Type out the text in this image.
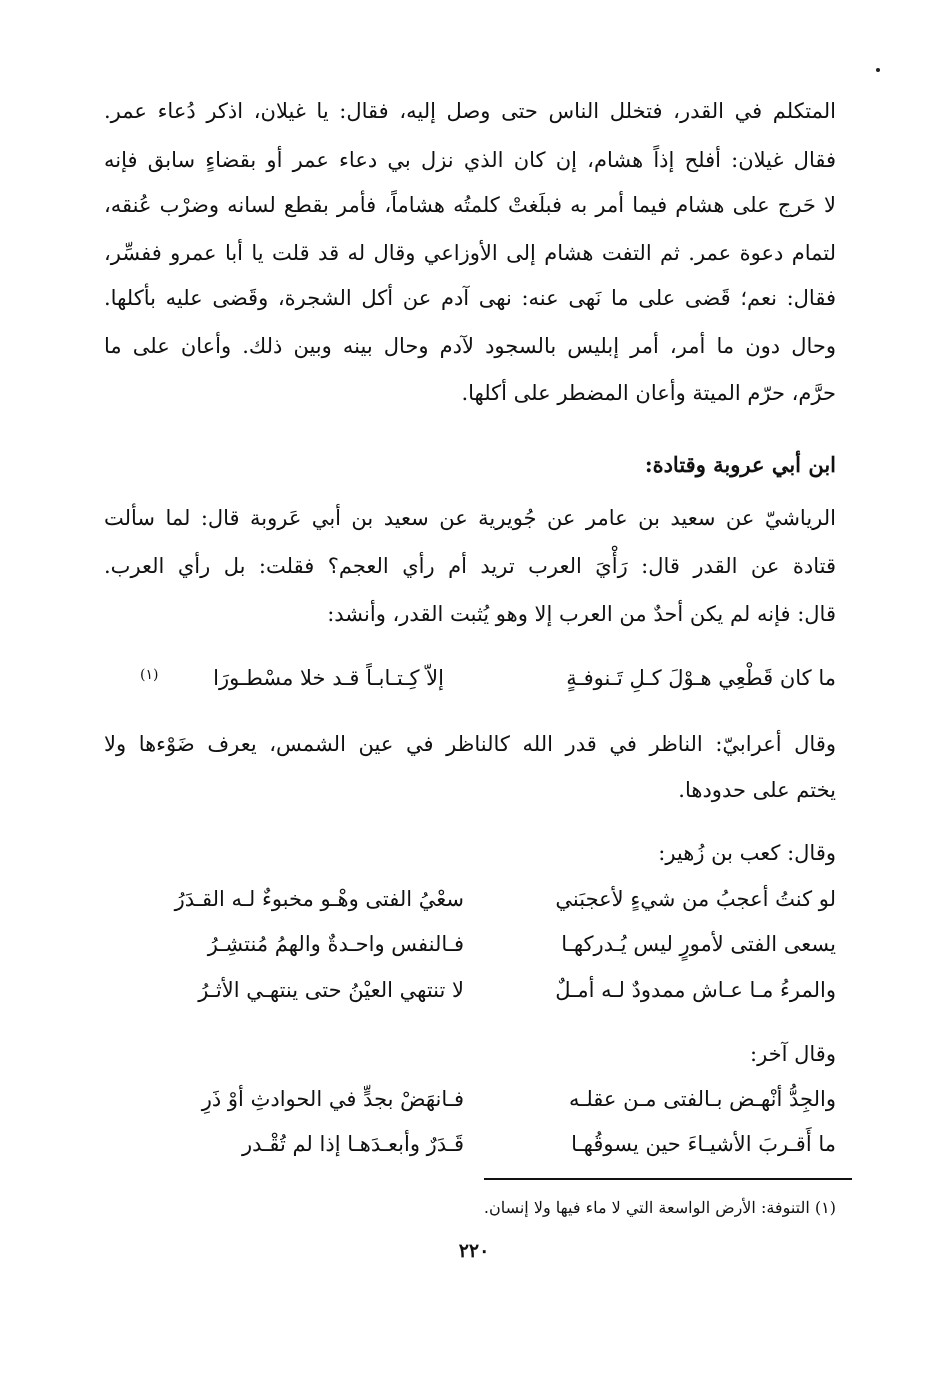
المتكلم في القدر، فتخلل الناس حتى وصل إليه، فقال: يا غيلان، اذكر دُعاء عمر.
فقال غيلان: أفلح إذاً هشام، إن كان الذي نزل بي دعاء عمر أو بقضاءٍ سابق فإنه
لا حَرج على هشام فيما أمر به فبلَغتْ كلمتُه هشاماً، فأمر بقطع لسانه وضرْب عُنقه،
لتمام دعوة عمر. ثم التفت هشام إلى الأوزاعي وقال له قد قلت يا أبا عمرو ففسِّر،
فقال: نعم؛ قَضى على ما نَهى عنه: نهى آدم عن أكل الشجرة، وقَضى عليه بأكلها.
وحال دون ما أمر، أمر إبليس بالسجود لآدم وحال بينه وبين ذلك. وأعان على ما
حرَّم، حرّم الميتة وأعان المضطر على أكلها.
ابن أبي عروبة وقتادة:
الرياشيّ عن سعيد بن عامر عن جُويرية عن سعيد بن أبي عَروبة قال: لما سألت
قتادة عن القدر قال: رَأْيَ العرب تريد أم رأي العجم؟ فقلت: بل رأي العرب.
قال: فإنه لم يكن أحدٌ من العرب إلا وهو يُثبت القدر، وأنشد:
ما كان قَطْعِي هـوْلَ كـلِ تَـنوفـةٍ
إلاّ كِـتـابـاً قـد خلا مسْطـورَا
(١)
وقال أعرابيّ: الناظر في قدر الله كالناظر في عين الشمس، يعرف ضَوْءها ولا
يختم على حدودها.
وقال: كعب بن زُهير:
لو كنتُ أعجبُ من شيءٍ لأعجبَني
سعْيُ الفتى وهْـو مخبوءٌ لـه القـدَرُ
يسعى الفتى لأمورٍ ليس يُـدركهـا
فـالنفس واحـدةٌ والهمُ مُنتشِـرُ
والمرءُ مـا عـاش ممدودٌ لـه أمـلٌ
لا تنتهي العيْنُ حتى ينتهـي الأثـرُ
وقال آخر:
والجِدُّ أنْهـض بـالفتى مـن عقلـه
فـانهَضْ بجدٍّ في الحوادثِ أوْ ذَرِ
ما أَقـربَ الأشيـاءَ حين يسوقُهـا
قَـدَرٌ وأبعـدَهـا إذا لم تُقْـدر
(١) التنوفة: الأرض الواسعة التي لا ماء فيها ولا إنسان.
٢٢٠
